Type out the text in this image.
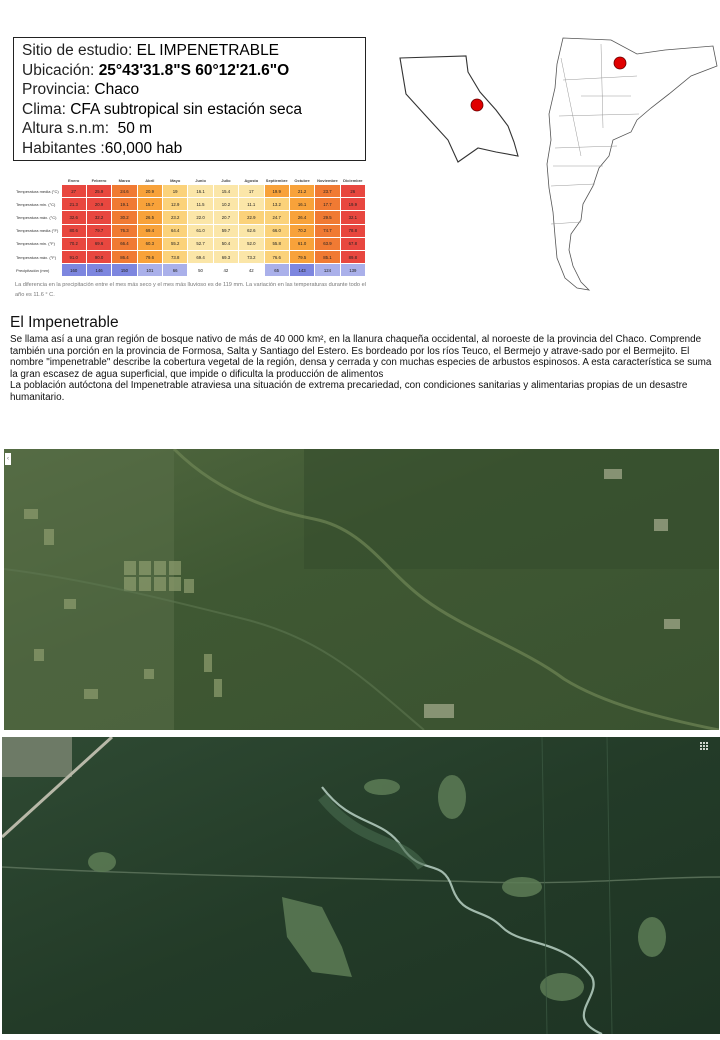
Sitio de estudio: EL IMPENETRABLE
Ubicación: 25°43'31.8"S 60°12'21.6"O
Provincia: Chaco
Clima: CFA subtropical sin estación seca
Altura s.n.m: 50 m
Habitantes :60,000 hab
	Enero	Febrero	Marzo	Abril	Mayo	Junio	Julio	Agosto	Septiembre	Octubre	Noviembre	Diciembre
Temperatura media (°C)	27	25.9	24.6	20.9	19	16.1	15.4	17	19.9	21.2	23.7	26
Temperatura min. (°C)	21.3	20.9	19.1	15.7	12.9	11.5	10.2	11.1	13.2	16.1	17.7	19.9
Temperatura máx. (°C)	32.6	32.2	30.2	26.5	23.2	22.0	20.7	22.9	24.7	26.4	29.5	32.1
Temperatura media (°F)	80.6	79.7	76.3	69.4	64.4	61.0	59.7	62.6	66.0	70.2	74.7	78.8
Temperatura min. (°F)	70.2	69.6	66.4	60.3	55.2	52.7	50.4	52.0	55.8	61.0	63.9	67.8
Temperatura máx. (°F)	91.0	90.0	86.4	79.6	73.8	69.4	69.3	73.2	76.6	79.5	85.1	89.8
Precipitación (mm)	160	146	150	101	66	50	42	42	65	143	124	139
La diferencia en la precipitación entre el mes más seco y el mes más lluvioso es de 119 mm. La variación en las temperaturas durante todo el año es 11.6 ° C.
El Impenetrable

Se llama así a una gran región de bosque nativo de más de 40 000 km², en la llanura chaqueña occidental, al noroeste de la provincia del Chaco. Comprende también una porción en la provincia de Formosa, Salta y Santiago del Estero. Es bordeado por los ríos Teuco, el Bermejo y atrave-sado por el Bermejito. El nombre "impenetrable" describe la cobertura vegetal de la región, densa y cerrada y con muchas especies de arbustos espinosos. A esta característica se suma la gran escasez de agua superficial, que impide o dificulta la producción de alimentos

La población autóctona del Impenetrable atraviesa una situación de extrema precariedad, con condiciones sanitarias y alimentarias propias de un desastre humanitario.

‹
